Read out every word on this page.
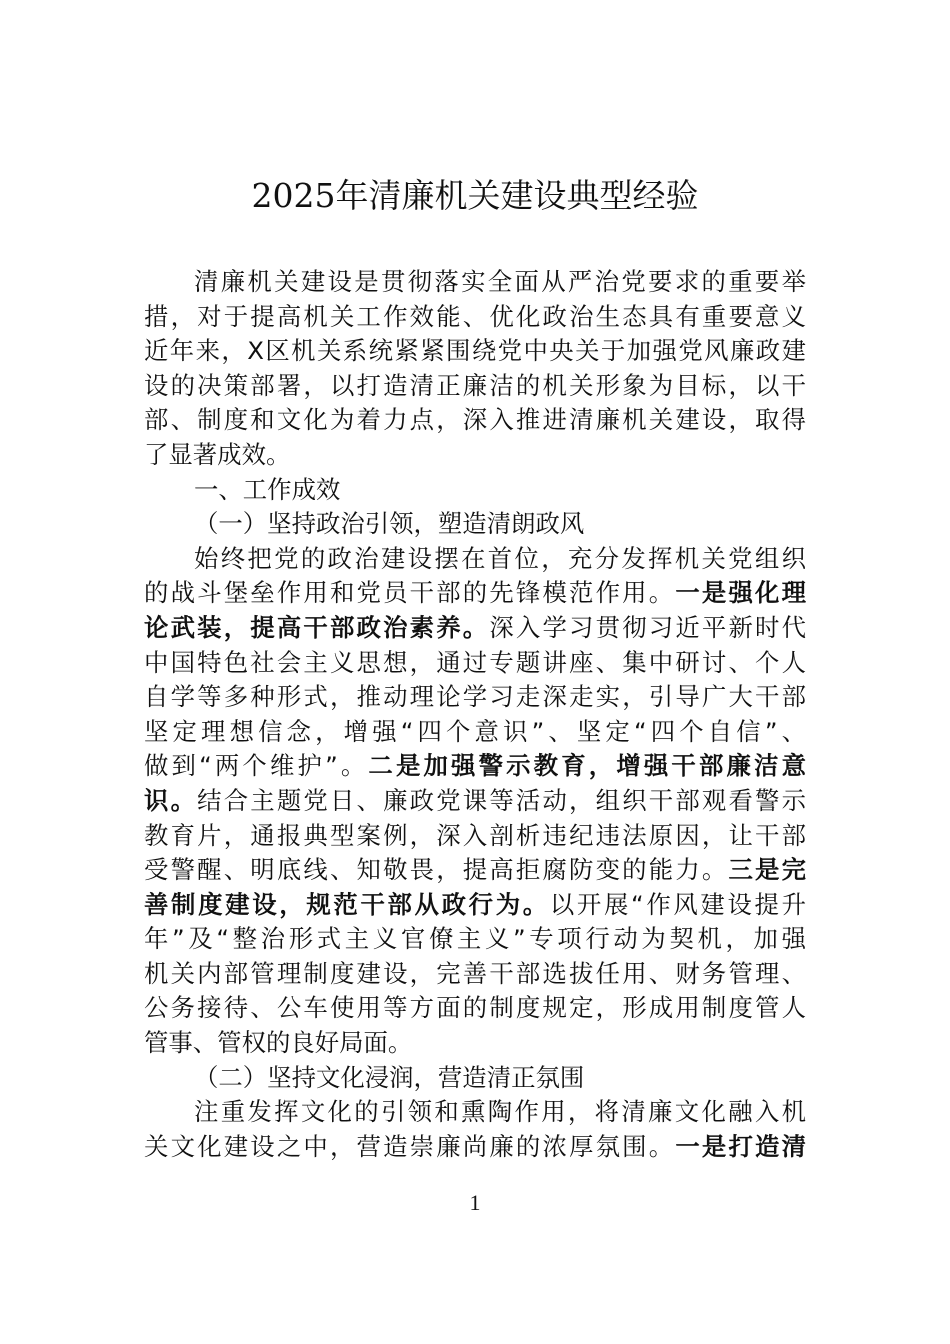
2025年清廉机关建设典型经验
清廉机关建设是贯彻落实全面从严治党要求的重要举
措，对于提高机关工作效能、优化政治生态具有重要意义
近年来，X区机关系统紧紧围绕党中央关于加强党风廉政建
设的决策部署，以打造清正廉洁的机关形象为目标，以干
部、制度和文化为着力点，深入推进清廉机关建设，取得
了显著成效。
一、工作成效
（一）坚持政治引领，塑造清朗政风
始终把党的政治建设摆在首位，充分发挥机关党组织
的战斗堡垒作用和党员干部的先锋模范作用。一是强化理
论武装，提高干部政治素养。深入学习贯彻习近平新时代
中国特色社会主义思想，通过专题讲座、集中研讨、个人
自学等多种形式，推动理论学习走深走实，引导广大干部
坚定理想信念，增强“四个意识”、坚定“四个自信”、
做到“两个维护”。二是加强警示教育，增强干部廉洁意
识。结合主题党日、廉政党课等活动，组织干部观看警示
教育片，通报典型案例，深入剖析违纪违法原因，让干部
受警醒、明底线、知敬畏，提高拒腐防变的能力。三是完
善制度建设，规范干部从政行为。以开展“作风建设提升
年”及“整治形式主义官僚主义”专项行动为契机，加强
机关内部管理制度建设，完善干部选拔任用、财务管理、
公务接待、公车使用等方面的制度规定，形成用制度管人
管事、管权的良好局面。
（二）坚持文化浸润，营造清正氛围
注重发挥文化的引领和熏陶作用，将清廉文化融入机
关文化建设之中，营造崇廉尚廉的浓厚氛围。一是打造清
1
